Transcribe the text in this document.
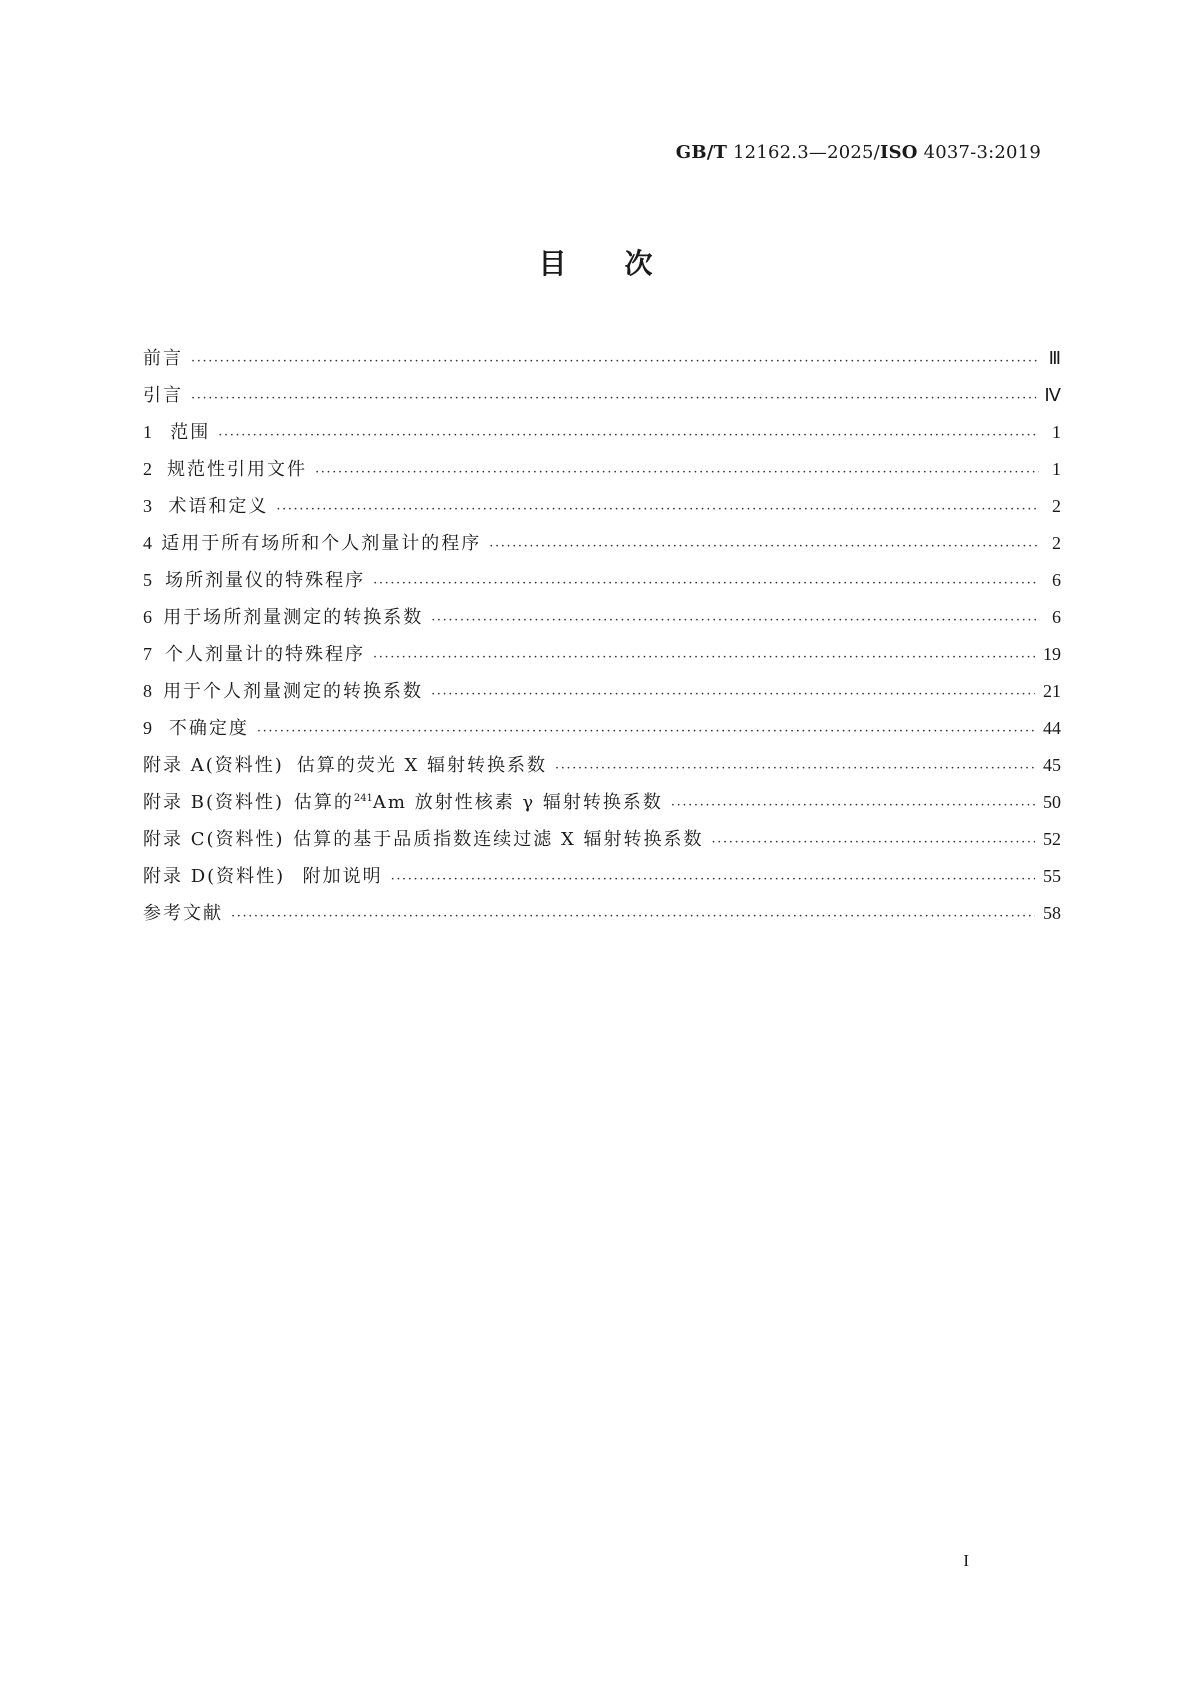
GB/T 12162.3—2025/ISO 4037-3:2019
目 次
前言 ·····	Ⅲ
引言 ·····	Ⅳ
1	范围 ·····	1
2 规范性引用文件 ·····	1
3 术语和定义 ·····	2
4 适用于所有场所和个人剂量计的程序 ·····	2
5 场所剂量仪的特殊程序 ·····	6
6 用于场所剂量测定的转换系数 ·····	6
7 个人剂量计的特殊程序 ·····	19
8 用于个人剂量测定的转换系数 ·····	21
9 不确定度 ·····	44
附录 A (资料性) 估算的荧光 X 辐射转换系数 ·····	45
附录 B (资料性) 估算的$^{241}$Am 放射性核素 γ 辐射转换系数 ·····	50
附录 C (资料性) 估算的基于品质指数连续过滤 X 辐射转换系数 ·····	52
附录 D (资料性) 附加说明 ·····	55
参考文献 ·····	58
I
